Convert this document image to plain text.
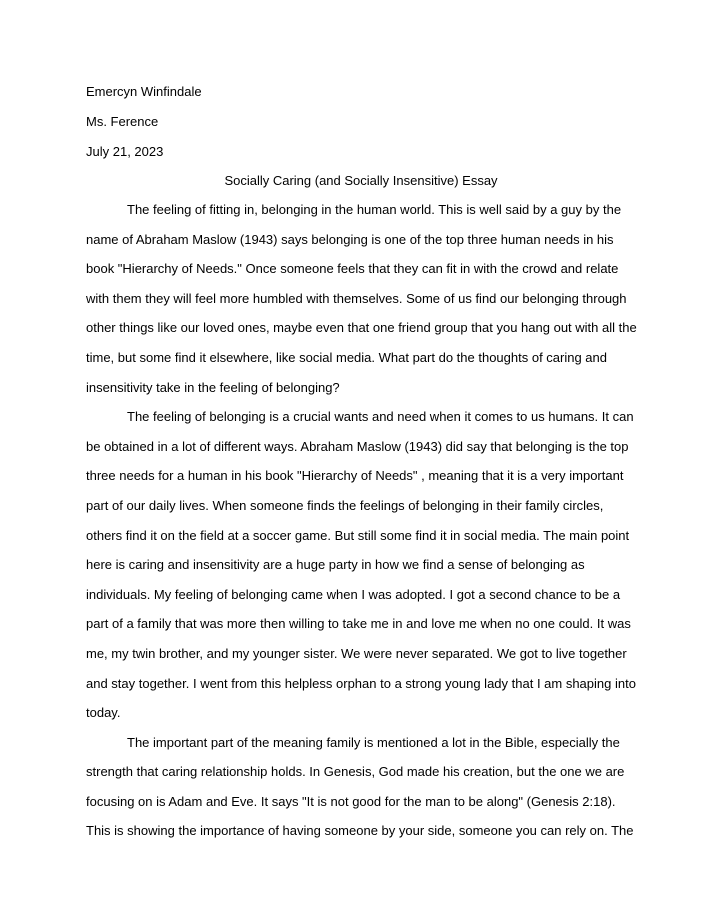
Emercyn Winfindale
Ms. Ference
July 21, 2023
Socially Caring (and Socially Insensitive) Essay

The feeling of fitting in, belonging in the human world. This is well said by a guy by the
name of Abraham Maslow (1943) says belonging is one of the top three human needs in his
book "Hierarchy of Needs." Once someone feels that they can fit in with the crowd and relate
with them they will feel more humbled with themselves. Some of us find our belonging through
other things like our loved ones, maybe even that one friend group that you hang out with all the
time, but some find it elsewhere, like social media. What part do the thoughts of caring and
insensitivity take in the feeling of belonging?

The feeling of belonging is a crucial wants and need when it comes to us humans. It can
be obtained in a lot of different ways. Abraham Maslow (1943) did say that belonging is the top
three needs for a human in his book "Hierarchy of Needs" , meaning that it is a very important
part of our daily lives. When someone finds the feelings of belonging in their family circles,
others find it on the field at a soccer game. But still some find it in social media. The main point
here is caring and insensitivity are a huge party in how we find a sense of belonging as
individuals. My feeling of belonging came when I was adopted. I got a second chance to be a
part of a family that was more then willing to take me in and love me when no one could. It was
me, my twin brother, and my younger sister. We were never separated. We got to live together
and stay together. I went from this helpless orphan to a strong young lady that I am shaping into
today.

The important part of the meaning family is mentioned a lot in the Bible, especially the
strength that caring relationship holds. In Genesis, God made his creation, but the one we are
focusing on is Adam and Eve. It says "It is not good for the man to be along" (Genesis 2:18).
This is showing the importance of having someone by your side, someone you can rely on. The
